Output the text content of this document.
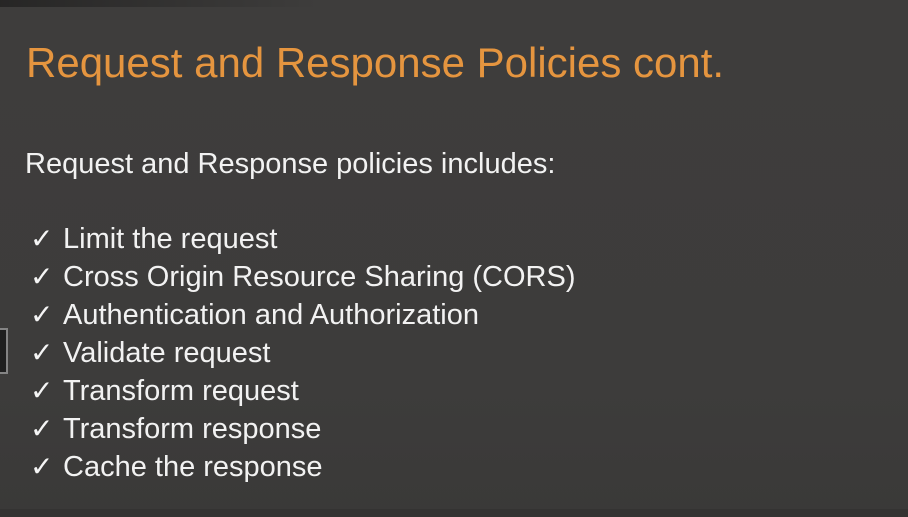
Request and Response Policies cont.
Request and Response policies includes:
✓ Limit the request
✓ Cross Origin Resource Sharing (CORS)
✓ Authentication and Authorization
✓ Validate request
✓ Transform request
✓ Transform response
✓ Cache the response
